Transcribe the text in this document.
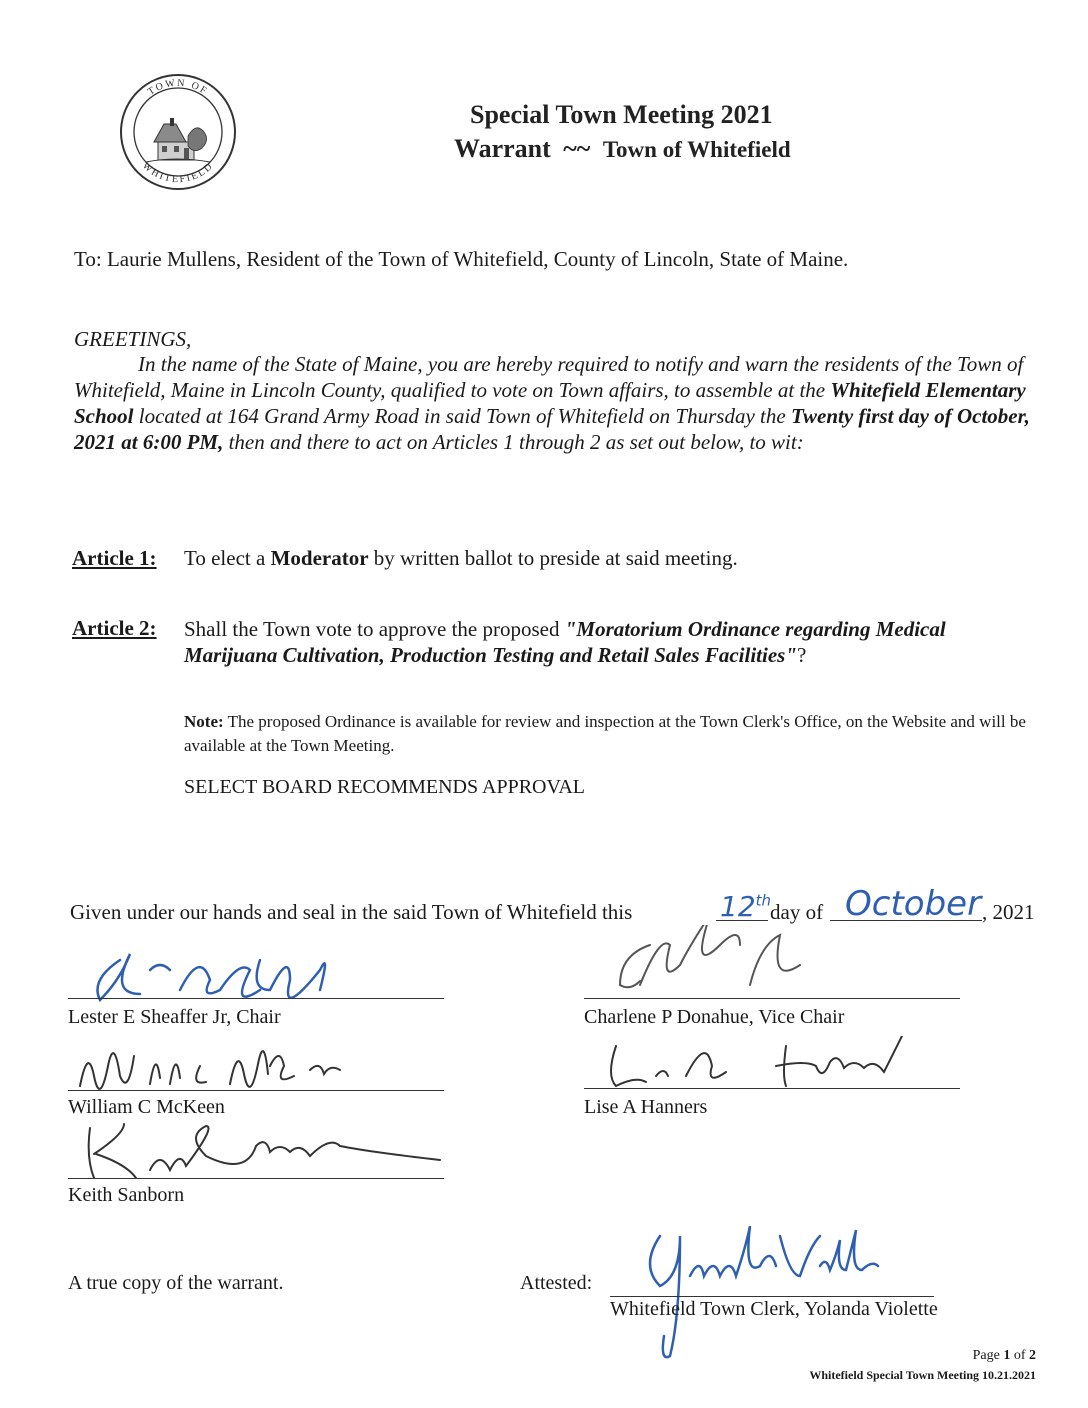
TOWN OF
WHITEFIELD
Special Town Meeting 2021
Warrant ~~ Town of Whitefield
To: Laurie Mullens, Resident of the Town of Whitefield, County of Lincoln, State of Maine.
GREETINGS,
In the name of the State of Maine, you are hereby required to notify and warn the residents of the Town of Whitefield, Maine in Lincoln County, qualified to vote on Town affairs, to assemble at the Whitefield Elementary School located at 164 Grand Army Road in said Town of Whitefield on Thursday the Twenty first day of October, 2021 at 6:00 PM, then and there to act on Articles 1 through 2 as set out below, to wit:
Article 1: To elect a Moderator by written ballot to preside at said meeting.
Article 2: Shall the Town vote to approve the proposed "Moratorium Ordinance regarding Medical Marijuana Cultivation, Production Testing and Retail Sales Facilities"?
Note: The proposed Ordinance is available for review and inspection at the Town Clerk's Office, on the Website and will be available at the Town Meeting.
SELECT BOARD RECOMMENDS APPROVAL
Given under our hands and seal in the said Town of Whitefield this	12th
day of October , 2021
Lester E Sheaffer Jr, Chair	Charlene P Donahue, Vice Chair
William C McKeen	Lise A Hanners
Keith Sanborn
A true copy of the warrant.	Attested:
Whitefield Town Clerk, Yolanda Violette
Page 1 of 2
Whitefield Special Town Meeting 10.21.2021
